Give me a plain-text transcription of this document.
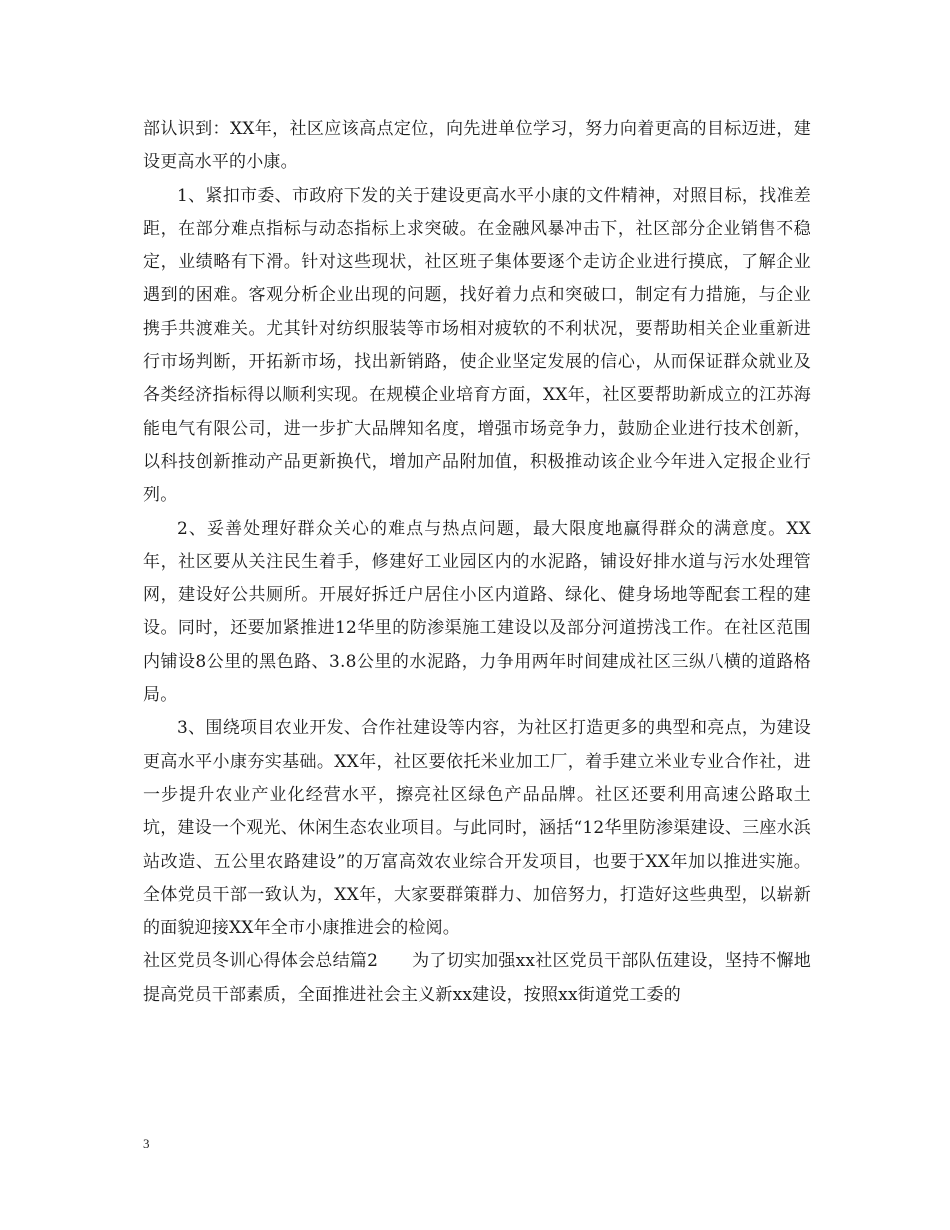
部认识到：XX年，社区应该高点定位，向先进单位学习，努力向着更高的目标迈进，建设更高水平的小康。

1、紧扣市委、市政府下发的关于建设更高水平小康的文件精神，对照目标，找准差距，在部分难点指标与动态指标上求突破。在金融风暴冲击下，社区部分企业销售不稳定，业绩略有下滑。针对这些现状，社区班子集体要逐个走访企业进行摸底，了解企业遇到的困难。客观分析企业出现的问题，找好着力点和突破口，制定有力措施，与企业携手共渡难关。尤其针对纺织服装等市场相对疲软的不利状况，要帮助相关企业重新进行市场判断，开拓新市场，找出新销路，使企业坚定发展的信心，从而保证群众就业及各类经济指标得以顺利实现。在规模企业培育方面，XX年，社区要帮助新成立的江苏海能电气有限公司，进一步扩大品牌知名度，增强市场竞争力，鼓励企业进行技术创新，以科技创新推动产品更新换代，增加产品附加值，积极推动该企业今年进入定报企业行列。

2、妥善处理好群众关心的难点与热点问题，最大限度地赢得群众的满意度。XX年，社区要从关注民生着手，修建好工业园区内的水泥路，铺设好排水道与污水处理管网，建设好公共厕所。开展好拆迁户居住小区内道路、绿化、健身场地等配套工程的建设。同时，还要加紧推进12华里的防渗渠施工建设以及部分河道捞浅工作。在社区范围内铺设8公里的黑色路、3.8公里的水泥路，力争用两年时间建成社区三纵八横的道路格局。

3、围绕项目农业开发、合作社建设等内容，为社区打造更多的典型和亮点，为建设更高水平小康夯实基础。XX年，社区要依托米业加工厂，着手建立米业专业合作社，进一步提升农业产业化经营水平，擦亮社区绿色产品品牌。社区还要利用高速公路取土坑，建设一个观光、休闲生态农业项目。与此同时，涵括“12华里防渗渠建设、三座水浜站改造、五公里农路建设”的万富高效农业综合开发项目，也要于XX年加以推进实施。全体党员干部一致认为，XX年，大家要群策群力、加倍努力，打造好这些典型，以崭新的面貌迎接XX年全市小康推进会的检阅。

社区党员冬训心得体会总结篇2 为了切实加强xx社区党员干部队伍建设，坚持不懈地提高党员干部素质，全面推进社会主义新xx建设，按照xx街道党工委的

3
